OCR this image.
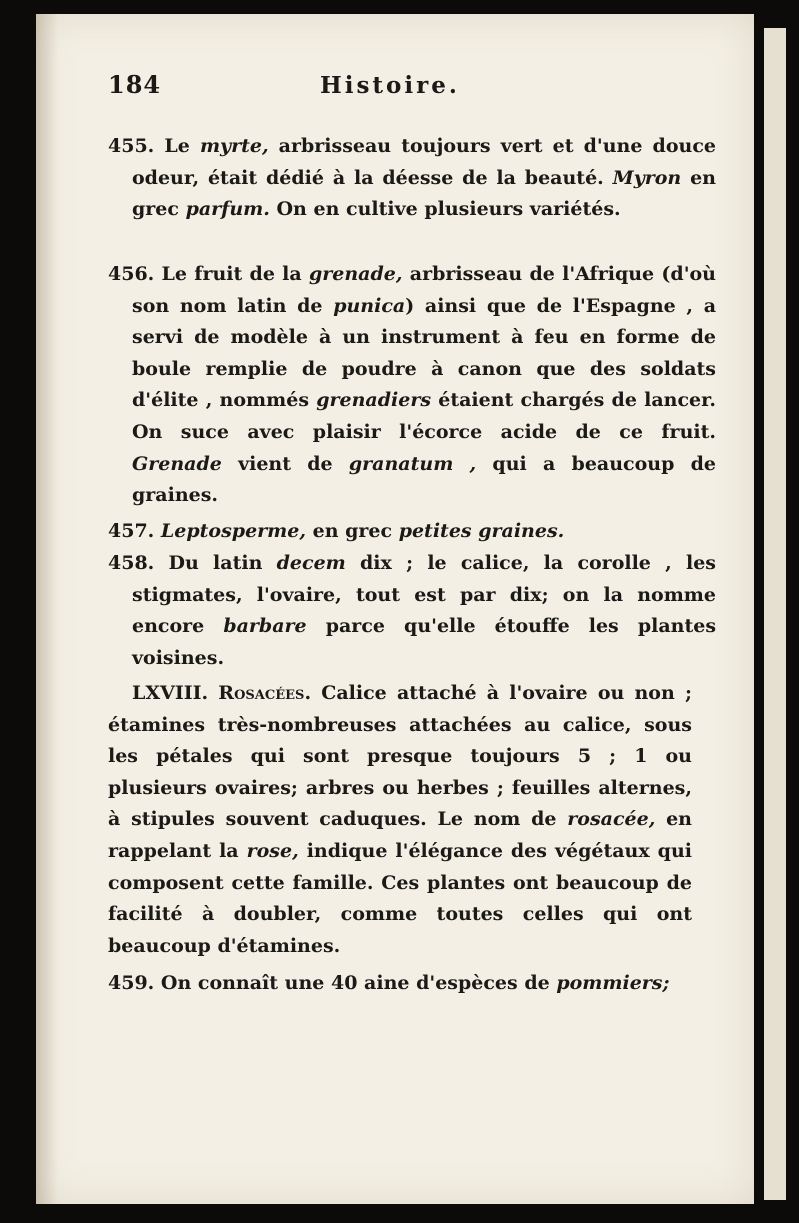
184	Histoire.

455. Le myrte, arbrisseau toujours vert et d'une douce odeur, était dédié à la déesse de la beauté. Myron en grec parfum. On en cultive plusieurs variétés.

456. Le fruit de la grenade, arbrisseau de l'Afrique (d'où son nom latin de punica) ainsi que de l'Espagne , a servi de modèle à un instrument à feu en forme de boule remplie de poudre à canon que des soldats d'élite , nommés grenadiers étaient chargés de lancer. On suce avec plaisir l'écorce acide de ce fruit. Grenade vient de granatum , qui a beaucoup de graines.

457. Leptosperme, en grec petites graines.

458. Du latin decem dix ; le calice, la corolle , les stigmates, l'ovaire, tout est par dix; on la nomme encore barbare parce qu'elle étouffe les plantes voisines.

LXVIII. Rosacées. Calice attaché à l'ovaire ou non ; étamines très-nombreuses attachées au calice, sous les pétales qui sont presque toujours 5 ; 1 ou plusieurs ovaires; arbres ou herbes ; feuilles alternes, à stipules souvent caduques. Le nom de rosacée, en rappelant la rose, indique l'élégance des végétaux qui composent cette famille. Ces plantes ont beaucoup de facilité à doubler, comme toutes celles qui ont beaucoup d'étamines.

459. On connaît une 40 aine d'espèces de pommiers;
